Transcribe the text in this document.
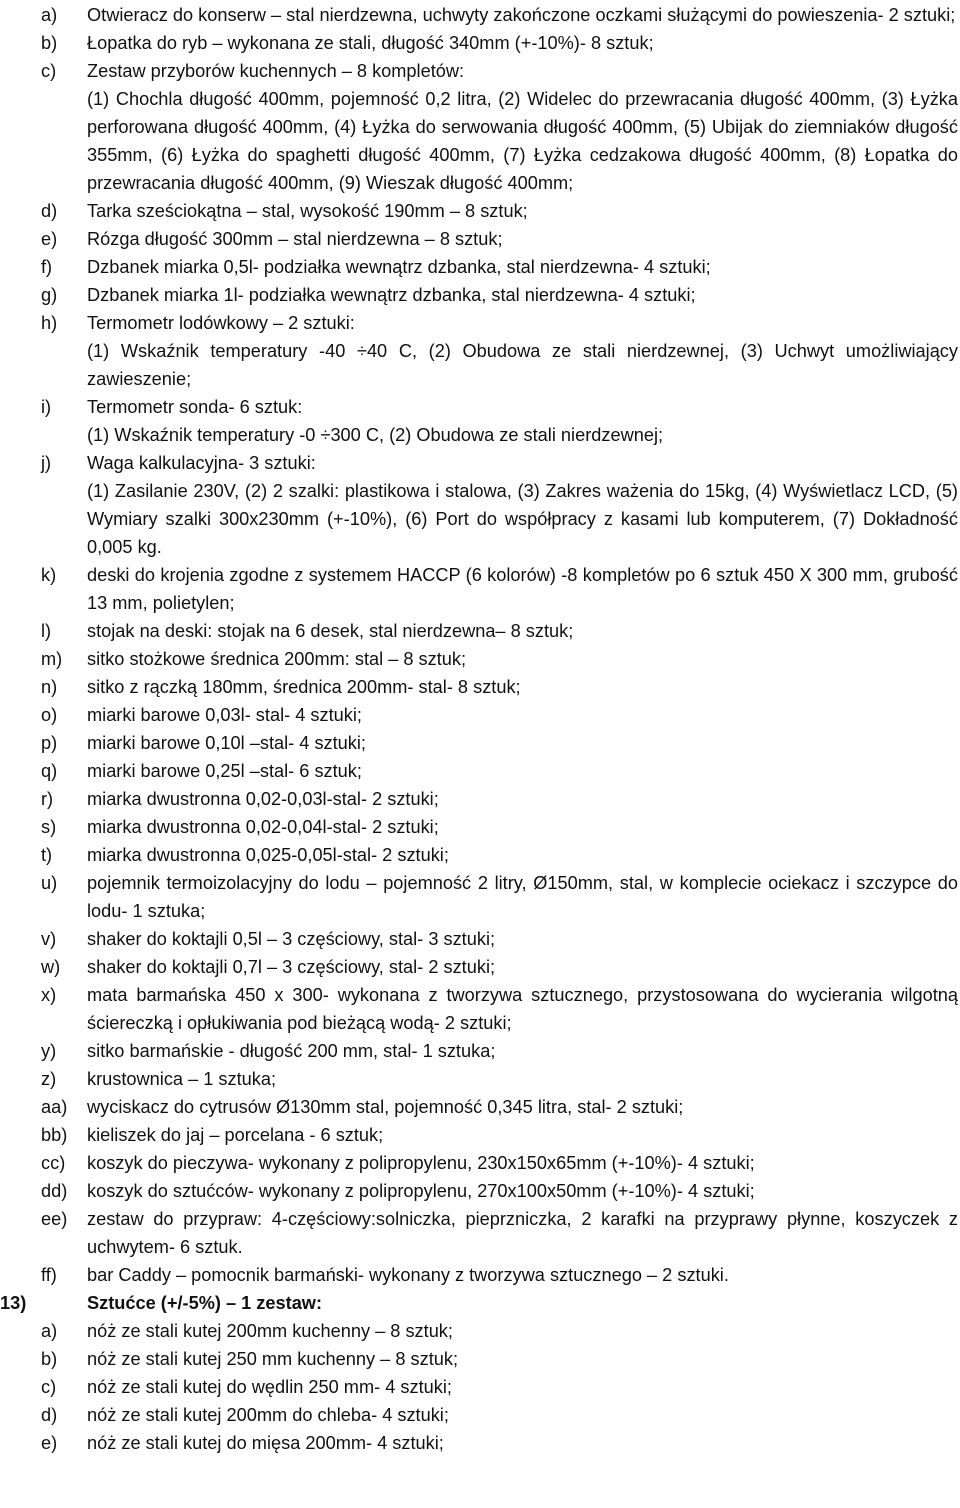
a) Otwieracz do konserw – stal nierdzewna, uchwyty zakończone oczkami służącymi do powieszenia- 2 sztuki;
b) Łopatka do ryb – wykonana ze stali, długość 340mm (+-10%)- 8 sztuk;
c) Zestaw przyborów kuchennych – 8 kompletów:
(1) Chochla długość 400mm, pojemność 0,2 litra, (2) Widelec do przewracania długość 400mm, (3) Łyżka perforowana długość 400mm, (4) Łyżka do serwowania długość 400mm, (5) Ubijak do ziemniaków długość 355mm, (6) Łyżka do spaghetti długość 400mm, (7) Łyżka cedzakowa długość 400mm, (8) Łopatka do przewracania długość 400mm, (9) Wieszak długość 400mm;
d) Tarka sześciokątna – stal, wysokość 190mm – 8 sztuk;
e) Rózga długość 300mm – stal nierdzewna – 8 sztuk;
f) Dzbanek miarka 0,5l- podziałka wewnątrz dzbanka, stal nierdzewna- 4 sztuki;
g) Dzbanek miarka 1l- podziałka wewnątrz dzbanka, stal nierdzewna- 4 sztuki;
h) Termometr lodówkowy – 2 sztuki:
(1) Wskaźnik temperatury -40 ÷40 C, (2) Obudowa ze stali nierdzewnej, (3) Uchwyt umożliwiający zawieszenie;
i) Termometr sonda- 6 sztuk:
(1) Wskaźnik temperatury -0 ÷300 C, (2) Obudowa ze stali nierdzewnej;
j) Waga kalkulacyjna- 3 sztuki:
(1) Zasilanie 230V, (2) 2 szalki: plastikowa i stalowa, (3) Zakres ważenia do 15kg, (4) Wyświetlacz LCD, (5) Wymiary szalki 300x230mm (+-10%), (6) Port do współpracy z kasami lub komputerem, (7) Dokładność 0,005 kg.
k) deski do krojenia zgodne z systemem HACCP (6 kolorów) -8 kompletów po 6 sztuk 450 X 300 mm, grubość 13 mm, polietylen;
l) stojak na deski: stojak na 6 desek, stal nierdzewna– 8 sztuk;
m) sitko stożkowe średnica 200mm: stal – 8 sztuk;
n) sitko z rączką 180mm, średnica 200mm- stal- 8 sztuk;
o) miarki barowe 0,03l- stal- 4 sztuki;
p) miarki barowe 0,10l –stal- 4 sztuki;
q) miarki barowe 0,25l –stal- 6 sztuk;
r) miarka dwustronna 0,02-0,03l-stal- 2 sztuki;
s) miarka dwustronna 0,02-0,04l-stal- 2 sztuki;
t) miarka dwustronna 0,025-0,05l-stal- 2 sztuki;
u) pojemnik termoizolacyjny do lodu – pojemność 2 litry, Ø150mm, stal, w komplecie ociekacz i szczypce do lodu- 1 sztuka;
v) shaker do koktajli 0,5l – 3 częściowy, stal- 3 sztuki;
w) shaker do koktajli 0,7l – 3 częściowy, stal- 2 sztuki;
x) mata barmańska 450 x 300- wykonana z tworzywa sztucznego, przystosowana do wycierania wilgotną ściereczką i opłukiwania pod bieżącą wodą- 2 sztuki;
y) sitko barmańskie - długość 200 mm, stal- 1 sztuka;
z) krustownica – 1 sztuka;
aa) wyciskacz do cytrusów Ø130mm stal, pojemność 0,345 litra, stal- 2 sztuki;
bb) kieliszek do jaj – porcelana - 6 sztuk;
cc) koszyk do pieczywa- wykonany z polipropylenu, 230x150x65mm (+-10%)- 4 sztuki;
dd) koszyk do sztućców- wykonany z polipropylenu, 270x100x50mm (+-10%)- 4 sztuki;
ee) zestaw do przypraw: 4-częściowy:solniczka, pieprzniczka, 2 karafki na przyprawy płynne, koszyczek z uchwytem- 6 sztuk.
ff) bar Caddy – pomocnik barmański- wykonany z tworzywa sztucznego – 2 sztuki.
13)	Sztućce (+/-5%) – 1 zestaw:
a) nóż ze stali kutej 200mm kuchenny – 8 sztuk;
b) nóż ze stali kutej 250 mm kuchenny – 8 sztuk;
c) nóż ze stali kutej do wędlin 250 mm- 4 sztuki;
d) nóż ze stali kutej 200mm do chleba- 4 sztuki;
e) nóż ze stali kutej do mięsa 200mm- 4 sztuki;
